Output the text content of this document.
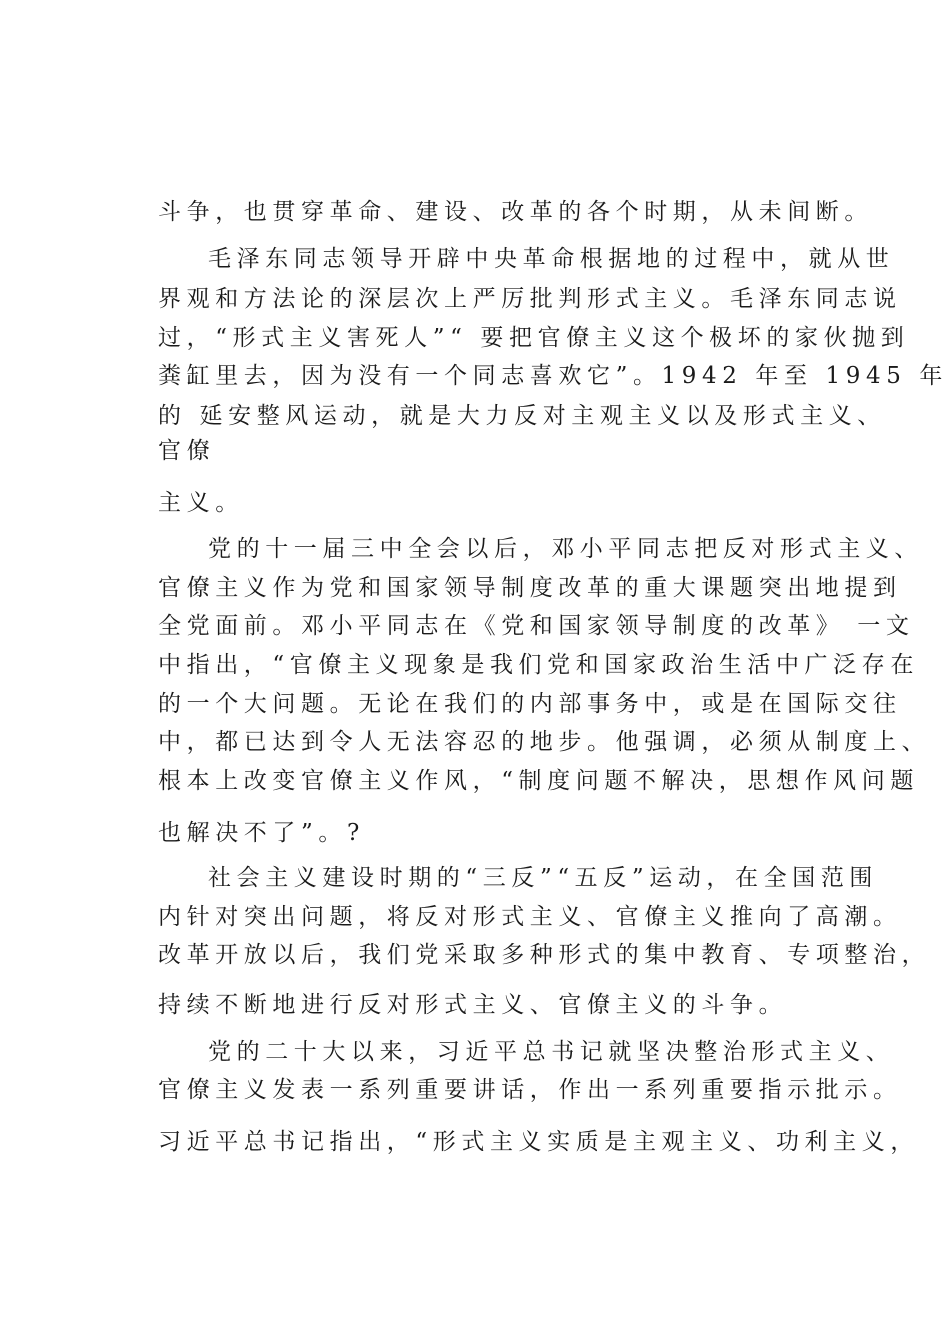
斗争，也贯穿革命、建设、改革的各个时期，从未间断。
毛泽东同志领导开辟中央革命根据地的过程中，就从世
界观和方法论的深层次上严厉批判形式主义。毛泽东同志说
过，“形式主义害死人”“ 要把官僚主义这个极坏的家伙抛到
粪缸里去，因为没有一个同志喜欢它”。1942 年至 1945 年
的 延安整风运动，就是大力反对主观主义以及形式主义、
官僚
主义。
党的十一届三中全会以后，邓小平同志把反对形式主义、
官僚主义作为党和国家领导制度改革的重大课题突出地提到
全党面前。邓小平同志在《党和国家领导制度的改革》 一文
中指出，“官僚主义现象是我们党和国家政治生活中广泛存在
的一个大问题。无论在我们的内部事务中，或是在国际交往
中，都已达到令人无法容忍的地步。他强调，必须从制度上、
根本上改变官僚主义作风，“制度问题不解决，思想作风问题
也解决不了”。?
社会主义建设时期的“三反”“五反”运动，在全国范围
内针对突出问题，将反对形式主义、官僚主义推向了高潮。
改革开放以后，我们党采取多种形式的集中教育、专项整治，
持续不断地进行反对形式主义、官僚主义的斗争。
党的二十大以来，习近平总书记就坚决整治形式主义、
官僚主义发表一系列重要讲话，作出一系列重要指示批示。
习近平总书记指出，“形式主义实质是主观主义、功利主义，
